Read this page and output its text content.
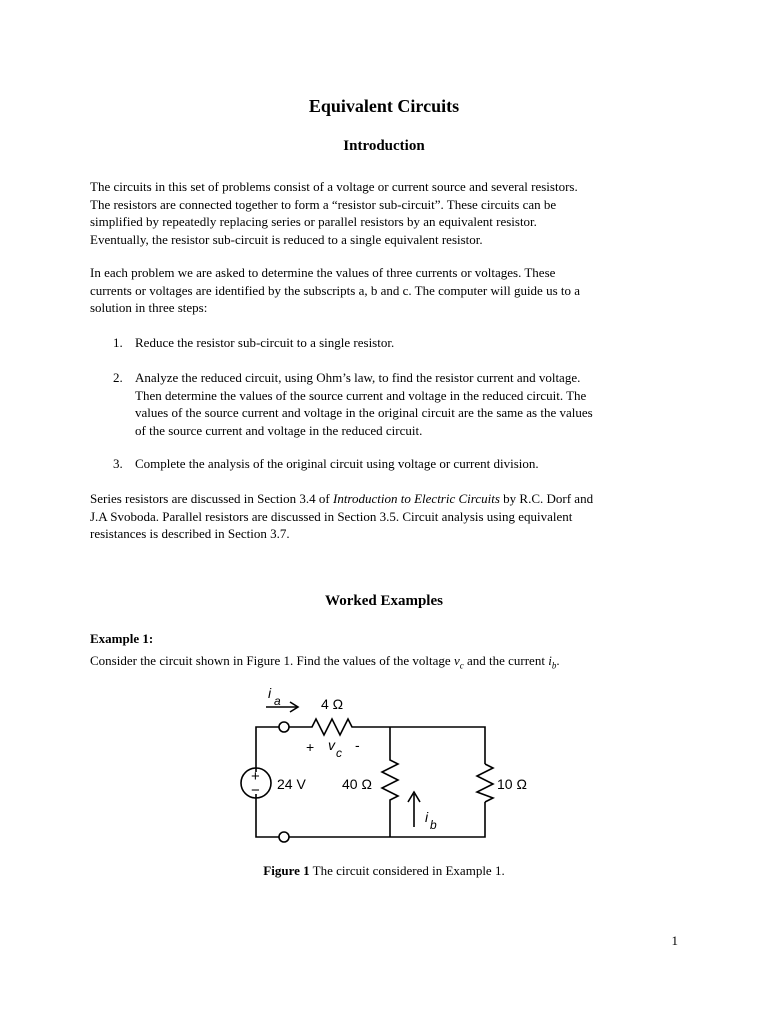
Equivalent Circuits
Introduction

The circuits in this set of problems consist of a voltage or current source and several resistors.
The resistors are connected together to form a “resistor sub-circuit”. These circuits can be
simplified by repeatedly replacing series or parallel resistors by an equivalent resistor.
Eventually, the resistor sub-circuit is reduced to a single equivalent resistor.

In each problem we are asked to determine the values of three currents or voltages. These
currents or voltages are identified by the subscripts a, b and c. The computer will guide us to a
solution in three steps:

1. Reduce the resistor sub-circuit to a single resistor.
2. Analyze the reduced circuit, using Ohm’s law, to find the resistor current and voltage.
Then determine the values of the source current and voltage in the reduced circuit. The
values of the source current and voltage in the original circuit are the same as the values
of the source current and voltage in the reduced circuit.
3. Complete the analysis of the original circuit using voltage or current division.

Series resistors are discussed in Section 3.4 of Introduction to Electric Circuits by R.C. Dorf and
J.A Svoboda. Parallel resistors are discussed in Section 3.5. Circuit analysis using equivalent
resistances is described in Section 3.7.

Worked Examples
Example 1:

Consider the circuit shown in Figure 1. Find the values of the voltage $v_c$ and the current $i_b$.

i a	4 Ω
+ v c -
+
− 24 V	40 Ω	10 Ω
i b
Figure 1 The circuit considered in Example 1.
1
